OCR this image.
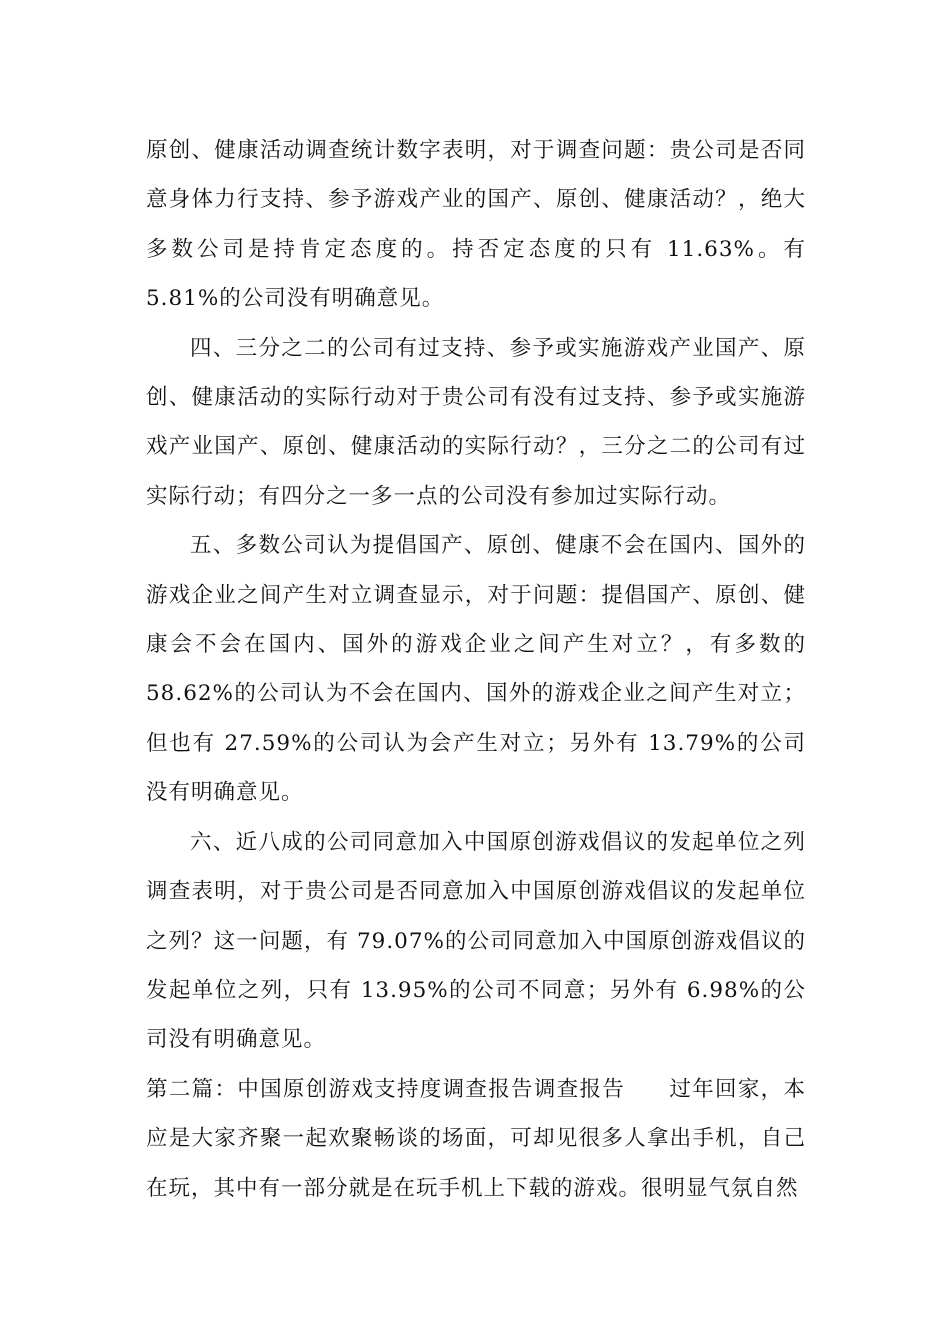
原创、健康活动调查统计数字表明，对于调查问题：贵公司是否同意身体力行支持、参予游戏产业的国产、原创、健康活动？，绝大多数公司是持肯定态度的。持否定态度的只有 11.63%。有 5.81%的公司没有明确意见。

四、三分之二的公司有过支持、参予或实施游戏产业国产、原创、健康活动的实际行动对于贵公司有没有过支持、参予或实施游戏产业国产、原创、健康活动的实际行动？，三分之二的公司有过实际行动；有四分之一多一点的公司没有参加过实际行动。

五、多数公司认为提倡国产、原创、健康不会在国内、国外的游戏企业之间产生对立调查显示，对于问题：提倡国产、原创、健康会不会在国内、国外的游戏企业之间产生对立？，有多数的 58.62%的公司认为不会在国内、国外的游戏企业之间产生对立；但也有 27.59%的公司认为会产生对立；另外有 13.79%的公司没有明确意见。

六、近八成的公司同意加入中国原创游戏倡议的发起单位之列调查表明，对于贵公司是否同意加入中国原创游戏倡议的发起单位之列？这一问题，有 79.07%的公司同意加入中国原创游戏倡议的发起单位之列，只有 13.95%的公司不同意；另外有 6.98%的公司没有明确意见。

第二篇：中国原创游戏支持度调查报告调查报告 过年回家，本应是大家齐聚一起欢聚畅谈的场面，可却见很多人拿出手机，自己在玩，其中有一部分就是在玩手机上下载的游戏。很明显气氛自然
